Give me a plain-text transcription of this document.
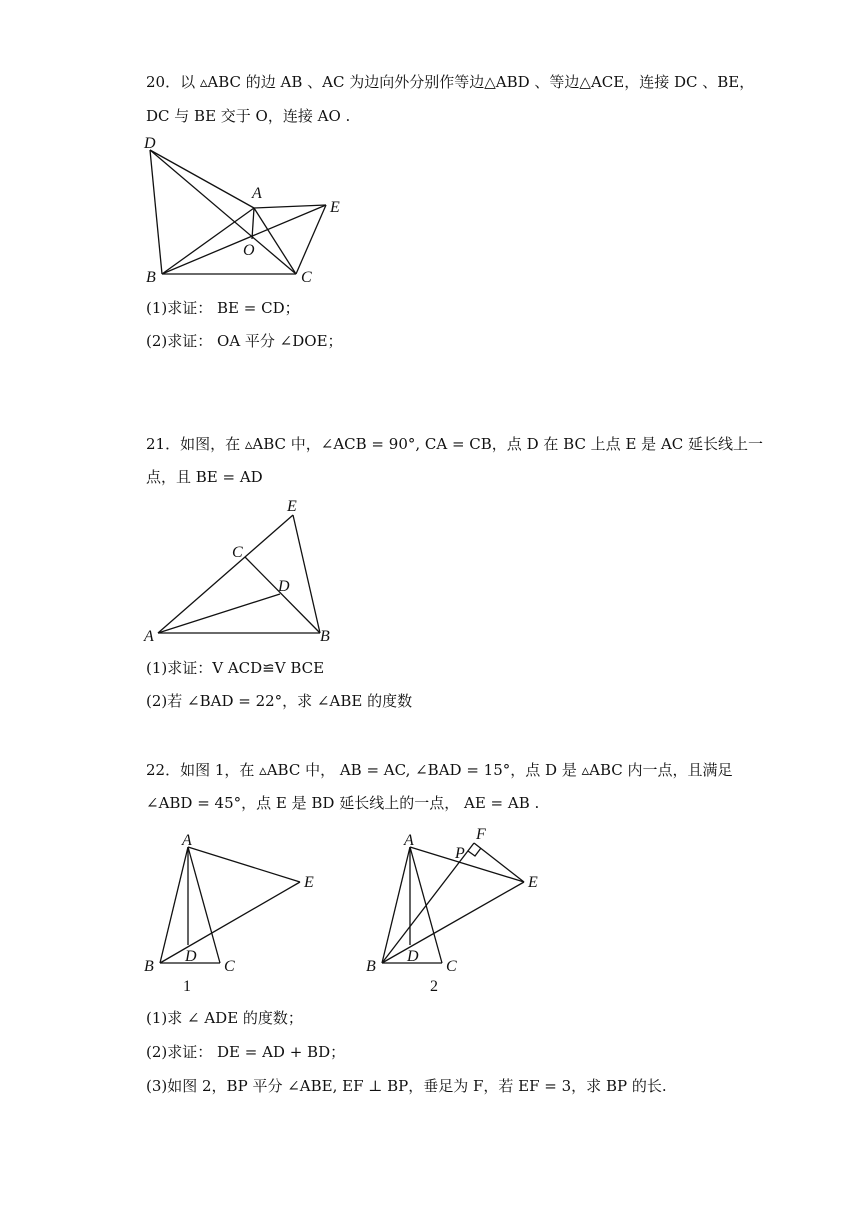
20．以 ▵ABC 的边 AB 、AC 为边向外分别作等边△ABD 、等边△ACE，连接 DC 、BE，
DC 与 BE 交于 O，连接 AO .
D
A
E
O
B	C
(1)求证： BE = CD；
(2)求证： OA 平分 ∠DOE；
21．如图，在 ▵ABC 中，∠ACB = 90°, CA = CB，点 D 在 BC 上点 E 是 AC 延长线上一
点，且 BE = AD
E
C
D
A	B
(1)求证：V ACD≌V BCE
(2)若 ∠BAD = 22°，求 ∠ABE 的度数
22．如图 1，在 ▵ABC 中， AB = AC, ∠BAD = 15°，点 D 是 ▵ABC 内一点，且满足
∠ABD = 45°，点 E 是 BD 延长线上的一点， AE = AB .
A
E
B
D
C
1
A	F
P
E
B
D
C
2
(1)求 ∠ ADE 的度数；
(2)求证： DE = AD + BD；
(3)如图 2，BP 平分 ∠ABE, EF ⊥ BP，垂足为 F，若 EF = 3，求 BP 的长.
